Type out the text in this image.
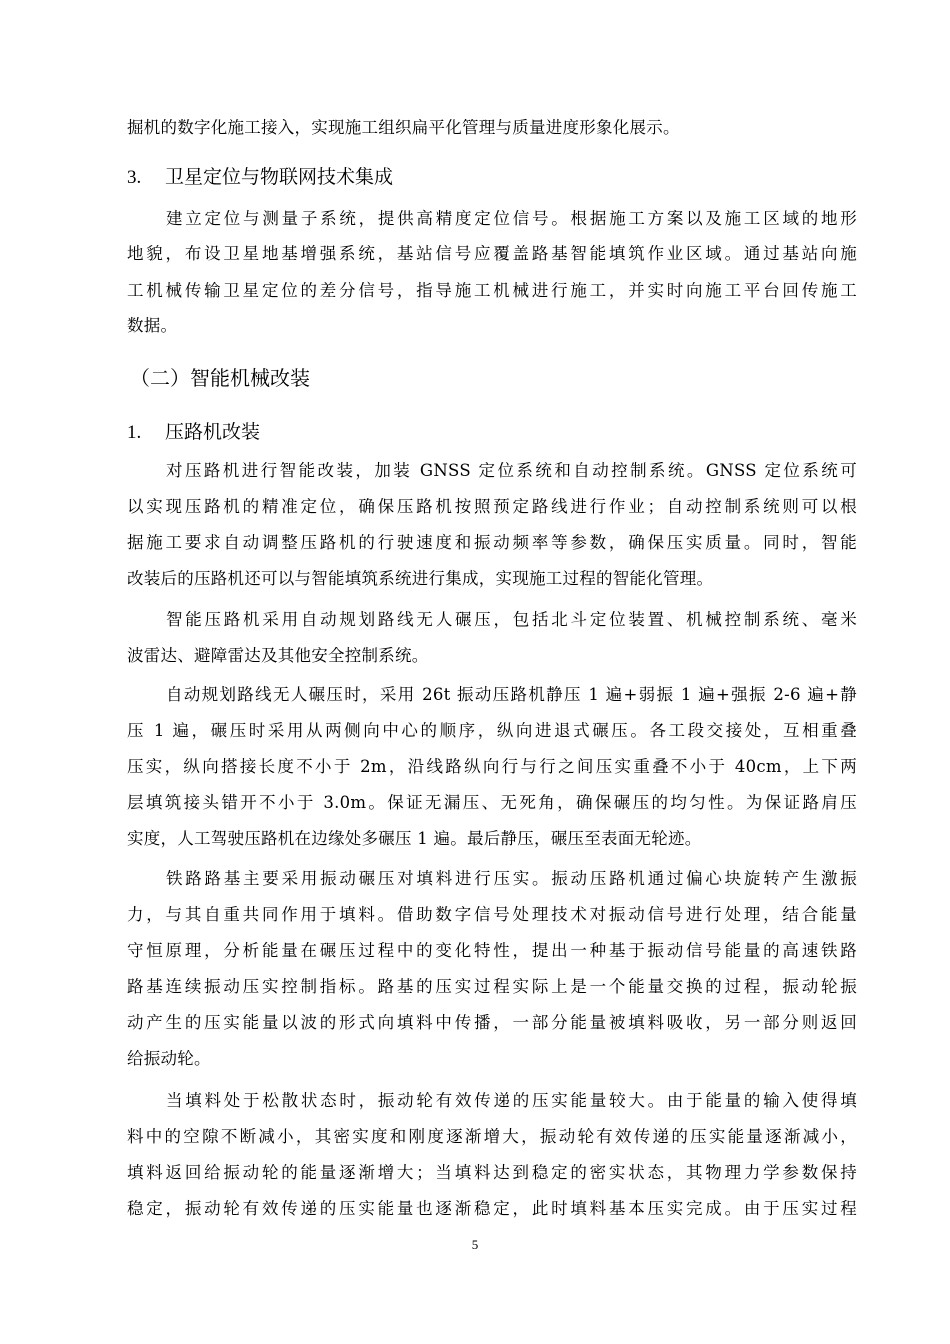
掘机的数字化施工接入，实现施工组织扁平化管理与质量进度形象化展示。
3. 卫星定位与物联网技术集成
建立定位与测量子系统，提供高精度定位信号。根据施工方案以及施工区域的地形
地貌，布设卫星地基增强系统，基站信号应覆盖路基智能填筑作业区域。通过基站向施
工机械传输卫星定位的差分信号，指导施工机械进行施工，并实时向施工平台回传施工
数据。
（二）智能机械改装
1. 压路机改装
对压路机进行智能改装，加装 GNSS 定位系统和自动控制系统。GNSS 定位系统可
以实现压路机的精准定位，确保压路机按照预定路线进行作业；自动控制系统则可以根
据施工要求自动调整压路机的行驶速度和振动频率等参数，确保压实质量。同时，智能
改装后的压路机还可以与智能填筑系统进行集成，实现施工过程的智能化管理。
智能压路机采用自动规划路线无人碾压，包括北斗定位装置、机械控制系统、毫米
波雷达、避障雷达及其他安全控制系统。
自动规划路线无人碾压时，采用 26t 振动压路机静压 1 遍+弱振 1 遍+强振 2-6 遍+静
压 1 遍，碾压时采用从两侧向中心的顺序，纵向进退式碾压。各工段交接处，互相重叠
压实，纵向搭接长度不小于 2m，沿线路纵向行与行之间压实重叠不小于 40cm，上下两
层填筑接头错开不小于 3.0m。保证无漏压、无死角，确保碾压的均匀性。为保证路肩压
实度，人工驾驶压路机在边缘处多碾压 1 遍。最后静压，碾压至表面无轮迹。
铁路路基主要采用振动碾压对填料进行压实。振动压路机通过偏心块旋转产生激振
力，与其自重共同作用于填料。借助数字信号处理技术对振动信号进行处理，结合能量
守恒原理，分析能量在碾压过程中的变化特性，提出一种基于振动信号能量的高速铁路
路基连续振动压实控制指标。路基的压实过程实际上是一个能量交换的过程，振动轮振
动产生的压实能量以波的形式向填料中传播，一部分能量被填料吸收，另一部分则返回
给振动轮。
当填料处于松散状态时，振动轮有效传递的压实能量较大。由于能量的输入使得填
料中的空隙不断减小，其密实度和刚度逐渐增大，振动轮有效传递的压实能量逐渐减小，
填料返回给振动轮的能量逐渐增大；当填料达到稳定的密实状态，其物理力学参数保持
稳定，振动轮有效传递的压实能量也逐渐稳定，此时填料基本压实完成。由于压实过程
5
